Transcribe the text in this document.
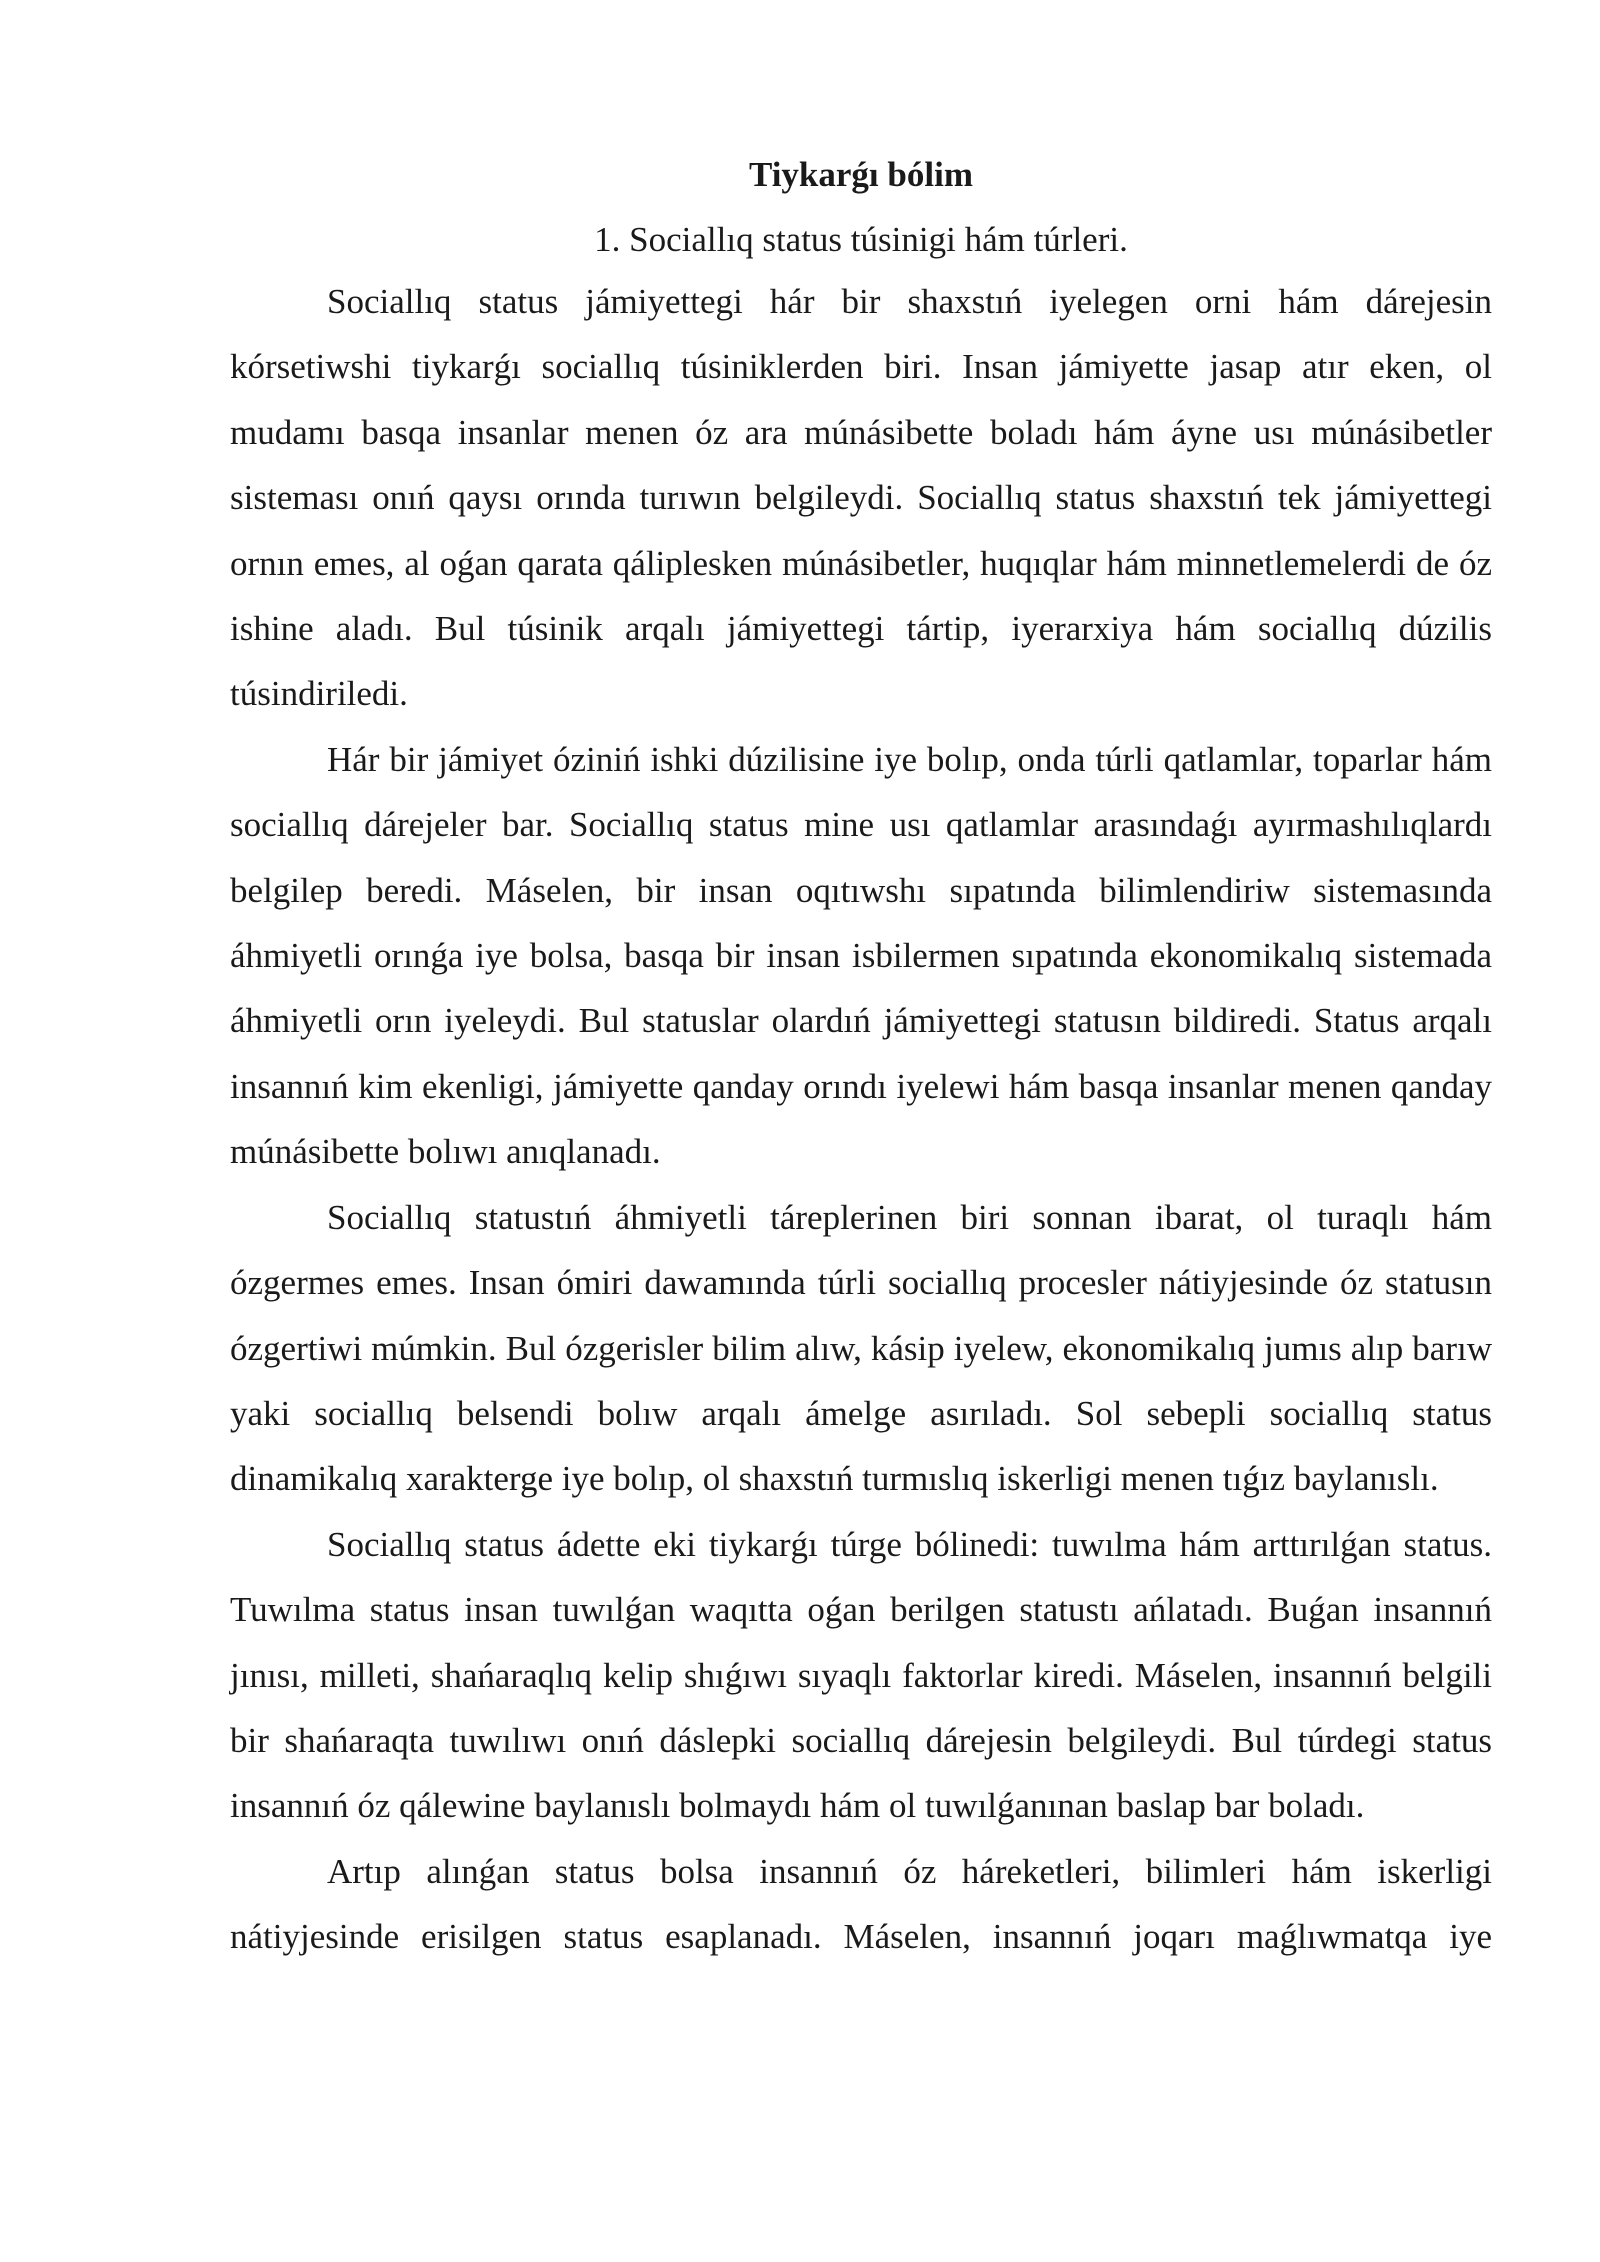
Tiykarǵı bólim

1. Sociallıq status túsinigi hám túrleri.

Sociallıq status jámiyettegi hár bir shaxstıń iyelegen orni hám dárejesin kórsetiwshi tiykarǵı sociallıq túsiniklerden biri. Insan jámiyette jasap atır eken, ol mudamı basqa insanlar menen óz ara múnásibette boladı hám áyne usı múnásibetler sisteması onıń qaysı orında turıwın belgileydi. Sociallıq status shaxstıń tek jámiyettegi ornın emes, al oǵan qarata qáliplesken múnásibetler, huqıqlar hám minnetlemelerdi de óz ishine aladı. Bul túsinik arqalı jámiyettegi tártip, iyerarxiya hám sociallıq dúzilis túsindiriledi.

Hár bir jámiyet óziniń ishki dúzilisine iye bolıp, onda túrli qatlamlar, toparlar hám sociallıq dárejeler bar. Sociallıq status mine usı qatlamlar arasındaǵı ayırmashılıqlardı belgilep beredi. Máselen, bir insan oqıtıwshı sıpatında bilimlendiriw sistemasında áhmiyetli orınǵa iye bolsa, basqa bir insan isbilermen sıpatında ekonomikalıq sistemada áhmiyetli orın iyeleydi. Bul statuslar olardıń jámiyettegi statusın bildiredi. Status arqalı insannıń kim ekenligi, jámiyette qanday orındı iyelewi hám basqa insanlar menen qanday múnásibette bolıwı anıqlanadı.

Sociallıq statustıń áhmiyetli táreplerinen biri sonnan ibarat, ol turaqlı hám ózgermes emes. Insan ómiri dawamında túrli sociallıq procesler nátiyjesinde óz statusın ózgertiwi múmkin. Bul ózgerisler bilim alıw, kásip iyelew, ekonomikalıq jumıs alıp barıw yaki sociallıq belsendi bolıw arqalı ámelge asırıladı. Sol sebepli sociallıq status dinamikalıq xarakterge iye bolıp, ol shaxstıń turmıslıq iskerligi menen tıǵız baylanıslı.

Sociallıq status ádette eki tiykarǵı túrge bólinedi: tuwılma hám arttırılǵan status. Tuwılma status insan tuwılǵan waqıtta oǵan berilgen statustı ańlatadı. Buǵan insannıń jınısı, milleti, shańaraqlıq kelip shıǵıwı sıyaqlı faktorlar kiredi. Máselen, insannıń belgili bir shańaraqta tuwılıwı onıń dáslepki sociallıq dárejesin belgileydi. Bul túrdegi status insannıń óz qálewine baylanıslı bolmaydı hám ol tuwılǵanınan baslap bar boladı.

Artıp alınǵan status bolsa insannıń óz háreketleri, bilimleri hám iskerligi nátiyjesinde erisilgen status esaplanadı. Máselen, insannıń joqarı maǵlıwmatqa iye
